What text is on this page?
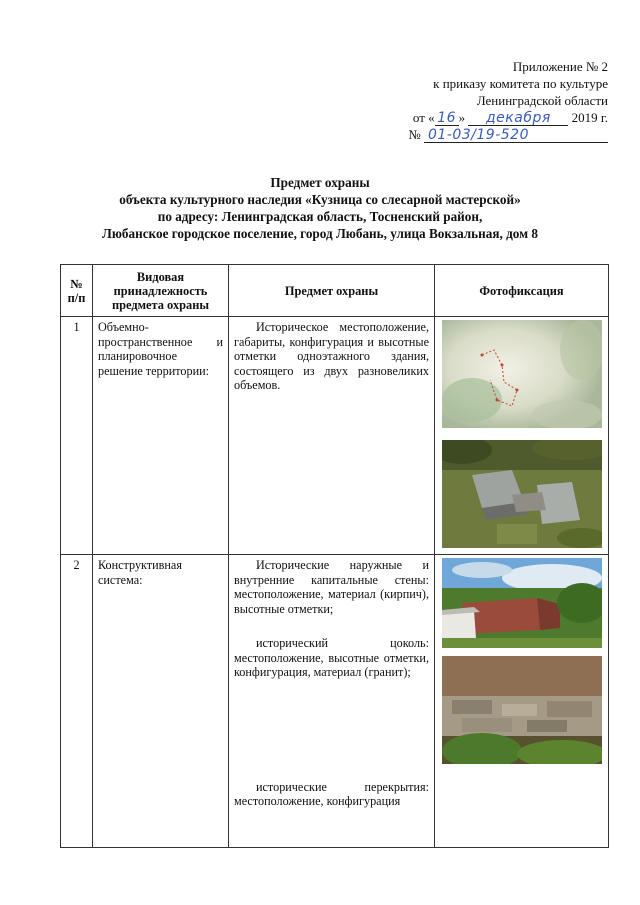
Приложение № 2
к приказу комитета по культуре
Ленинградской области
от « 16 » декабря 2019 г.
№ 01-03/19-520
Предмет охраны
объекта культурного наследия «Кузница со слесарной мастерской»
по адресу: Ленинградская область, Тосненский район,
Любанское городское поселение, город Любань, улица Вокзальная, дом 8
№ п/п	Видовая принадлежность предмета охраны	Предмет охраны	Фотофиксация
1	Объемно-пространственное и планировочное решение территории:	Историческое местоположение, габариты, конфигурация и высотные отметки одноэтажного здания, состоящего из двух разновеликих объемов.

2	Конструктивная система:	Исторические наружные и внутренние капитальные стены: местоположение, материал (кирпич), высотные отметки;

исторический цоколь: местоположение, высотные отметки, конфигурация, материал (гранит);

исторические перекрытия: местоположение, конфигурация
